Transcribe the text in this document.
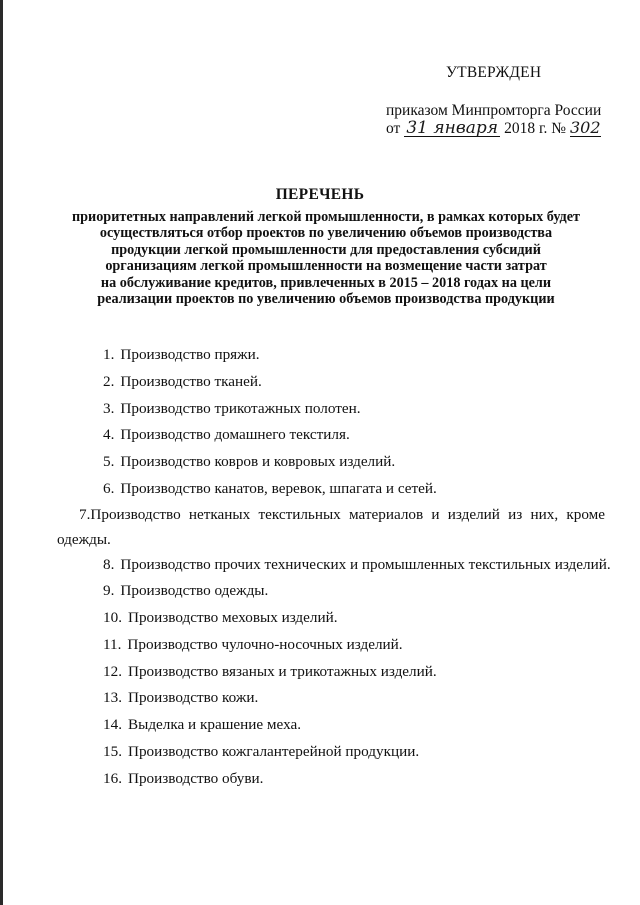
УТВЕРЖДЕН
приказом Минпромторга России
от 31 января 2018 г. № 302
ПЕРЕЧЕНЬ
приоритетных направлений легкой промышленности, в рамках которых будет
осуществляться отбор проектов по увеличению объемов производства
продукции легкой промышленности для предоставления субсидий
организациям легкой промышленности на возмещение части затрат
на обслуживание кредитов, привлеченных в 2015 – 2018 годах на цели
реализации проектов по увеличению объемов производства продукции
1. Производство пряжи.
2. Производство тканей.
3. Производство трикотажных полотен.
4. Производство домашнего текстиля.
5. Производство ковров и ковровых изделий.
6. Производство канатов, веревок, шпагата и сетей.
7.Производство нетканых текстильных материалов и изделий из них, кроме одежды.
8. Производство прочих технических и промышленных текстильных изделий.
9. Производство одежды.
10. Производство меховых изделий.
11. Производство чулочно-носочных изделий.
12. Производство вязаных и трикотажных изделий.
13. Производство кожи.
14. Выделка и крашение меха.
15. Производство кожгалантерейной продукции.
16. Производство обуви.
